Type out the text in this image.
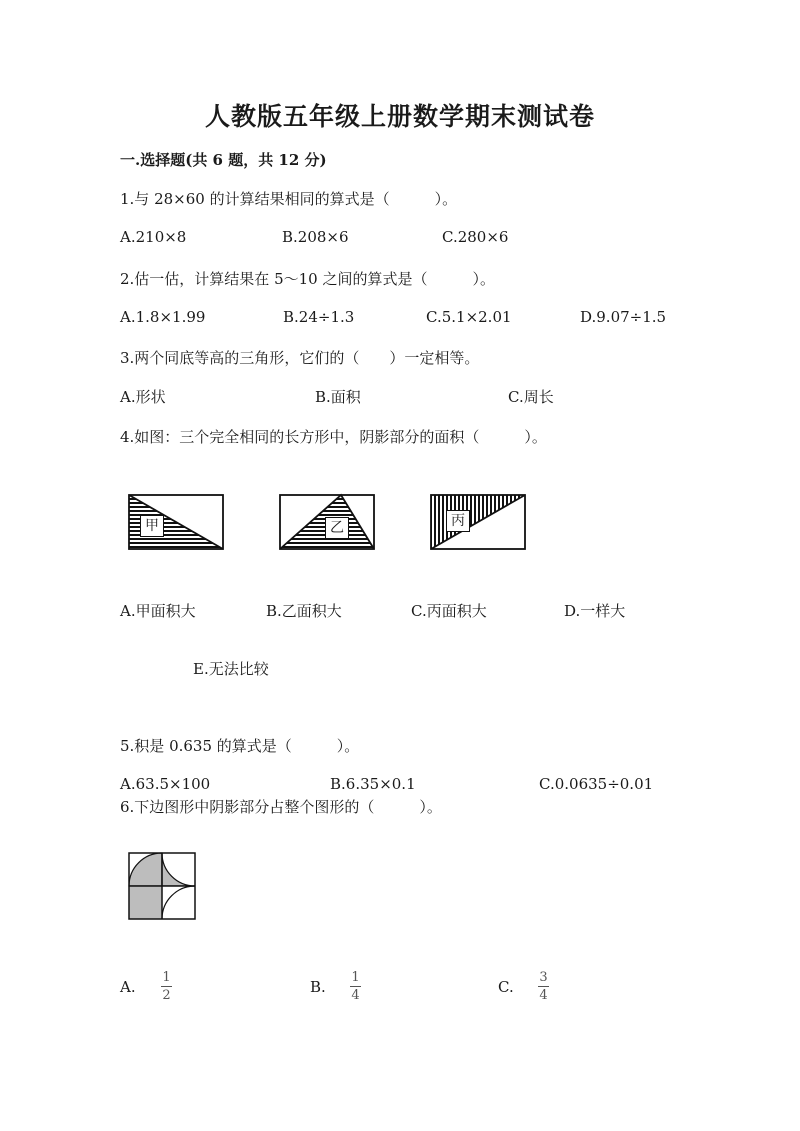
人教版五年级上册数学期末测试卷
一.选择题(共 6 题，共 12 分)
1.与 28×60 的计算结果相同的算式是（　　　）。
A.210×8	B.208×6	C.280×6
2.估一估，计算结果在 5～10 之间的算式是（　　　）。
A.1.8×1.99	B.24÷1.3	C.5.1×2.01	D.9.07÷1.5
3.两个同底等高的三角形，它们的（　　）一定相等。
A.形状	B.面积	C.周长
4.如图：三个完全相同的长方形中，阴影部分的面积（　　　）。
甲	乙	丙
A.甲面积大	B.乙面积大	C.丙面积大	D.一样大
E.无法比较
5.积是 0.635 的算式是（　　　）。
A.63.5×100	B.6.35×0.1	C.0.0635÷0.01
6.下边图形中阴影部分占整个图形的（　　　）。
A.
1
2	B.
1
4	C.
3
4
